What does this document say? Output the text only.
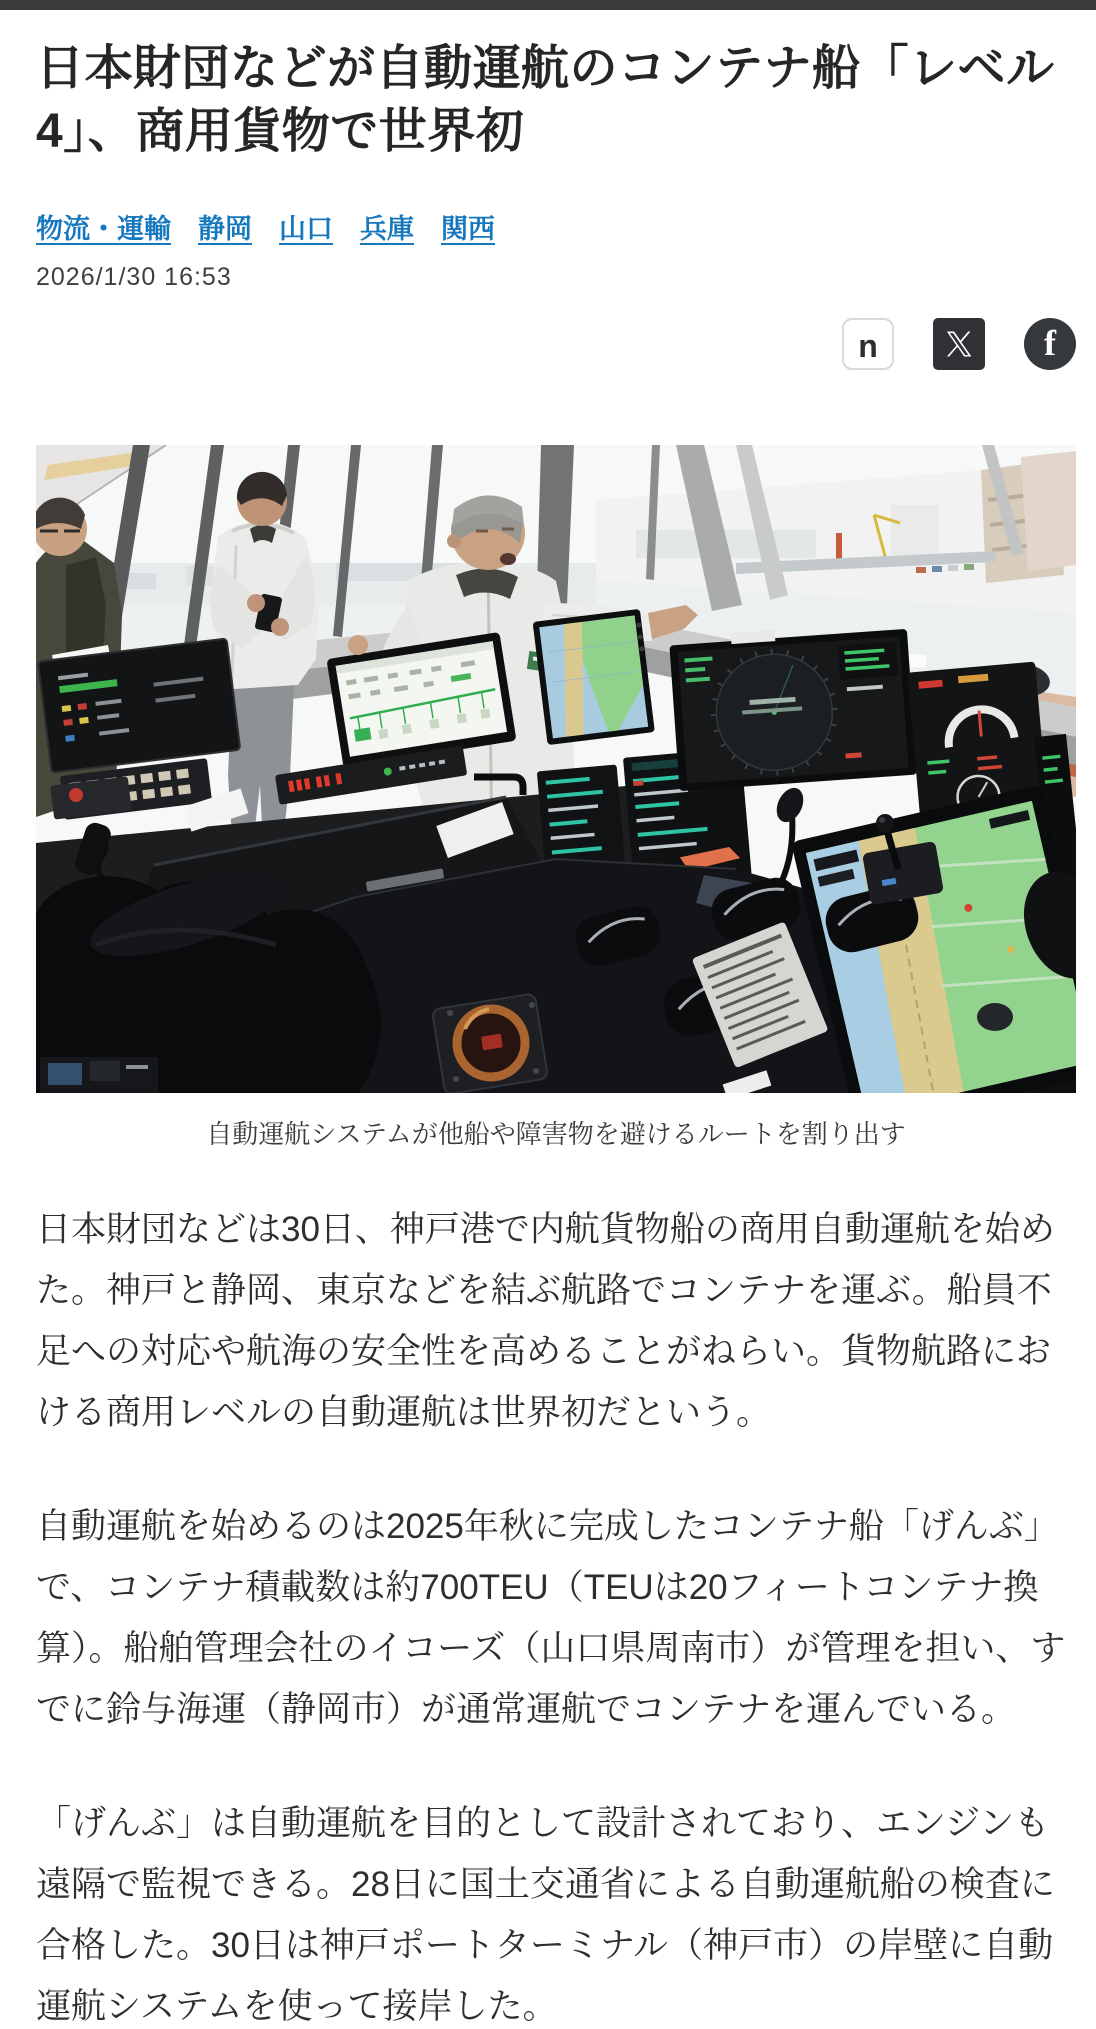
日本財団などが自動運航のコンテナ船「レベル4」、商用貨物で世界初
物流・運輸 静岡 山口 兵庫 関西
2026/1/30 16:53
n	f
自動運航システムが他船や障害物を避けるルートを割り出す

日本財団などは30日、神戸港で内航貨物船の商用自動運航を始めた。神戸と静岡、東京などを結ぶ航路でコンテナを運ぶ。船員不足への対応や航海の安全性を高めることがねらい。貨物航路における商用レベルの自動運航は世界初だという。

自動運航を始めるのは2025年秋に完成したコンテナ船「げんぶ」で、コンテナ積載数は約700TEU（TEUは20フィートコンテナ換算）。船舶管理会社のイコーズ（山口県周南市）が管理を担い、すでに鈴与海運（静岡市）が通常運航でコンテナを運んでいる。

「げんぶ」は自動運航を目的として設計されており、エンジンも遠隔で監視できる。28日に国土交通省による自動運航船の検査に合格した。30日は神戸ポートターミナル（神戸市）の岸壁に自動運航システムを使って接岸した。
